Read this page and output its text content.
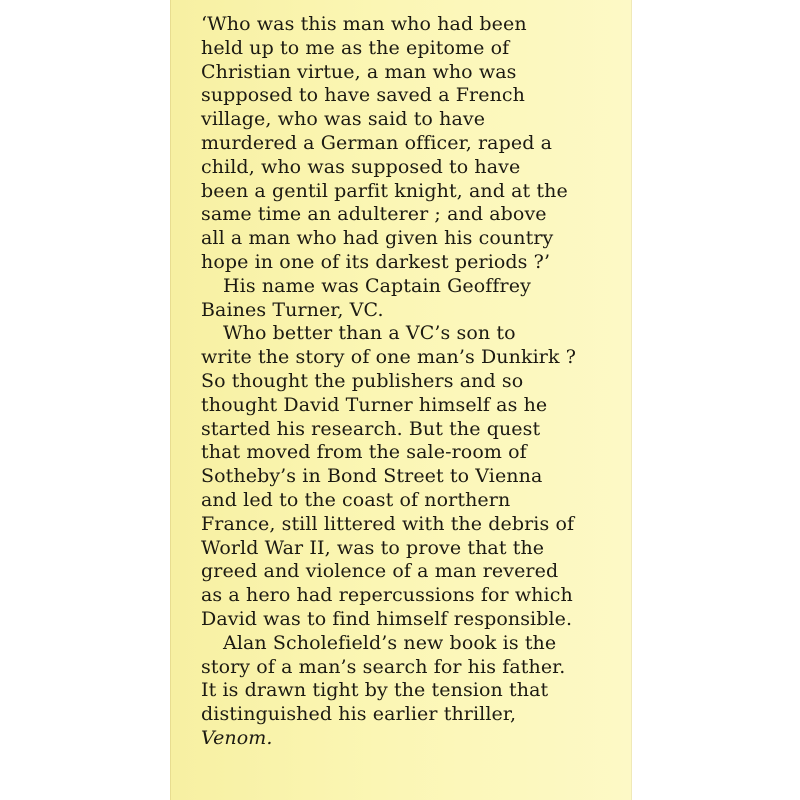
‘Who was this man who had been
held up to me as the epitome of
Christian virtue, a man who was
supposed to have saved a French
village, who was said to have
murdered a German officer, raped a
child, who was supposed to have
been a gentil parfit knight, and at the
same time an adulterer ; and above
all a man who had given his country
hope in one of its darkest periods ?’
His name was Captain Geoffrey
Baines Turner, VC.
Who better than a VC’s son to
write the story of one man’s Dunkirk ?
So thought the publishers and so
thought David Turner himself as he
started his research. But the quest
that moved from the sale-room of
Sotheby’s in Bond Street to Vienna
and led to the coast of northern
France, still littered with the debris of
World War II, was to prove that the
greed and violence of a man revered
as a hero had repercussions for which
David was to find himself responsible.
Alan Scholefield’s new book is the
story of a man’s search for his father.
It is drawn tight by the tension that
distinguished his earlier thriller,
Venom.
